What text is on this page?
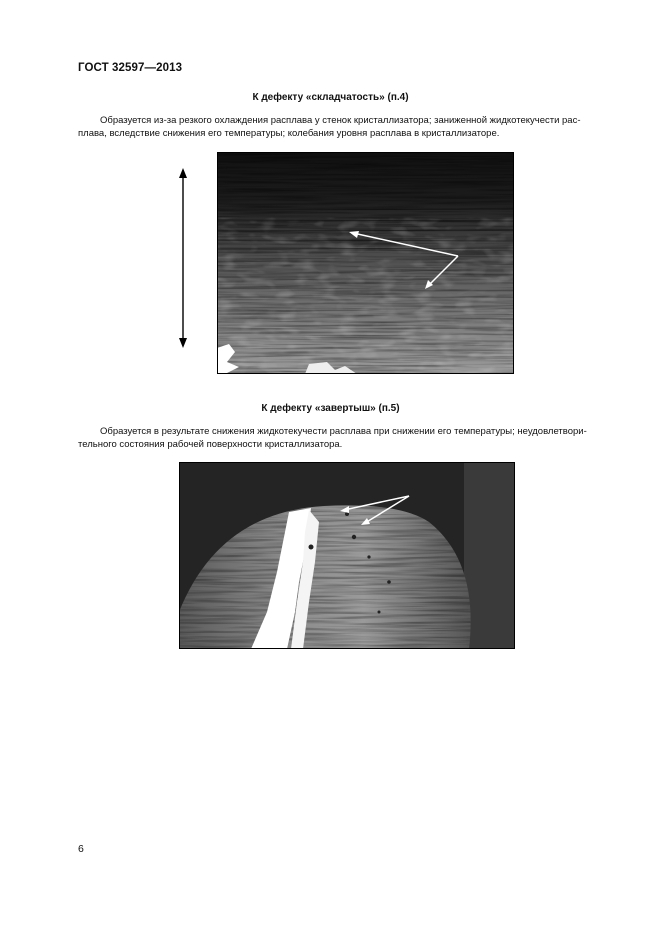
ГОСТ 32597—2013
К дефекту «складчатость» (п.4)
Образуется из-за резкого охлаждения расплава у стенок кристаллизатора; заниженной жидкотекучести рас-
плава, вследствие снижения его температуры; колебания уровня расплава в кристаллизаторе.
К дефекту «завертыш» (п.5)
Образуется в результате снижения жидкотекучести расплава при снижении его температуры; неудовлетвори-
тельного состояния рабочей поверхности кристаллизатора.
6
